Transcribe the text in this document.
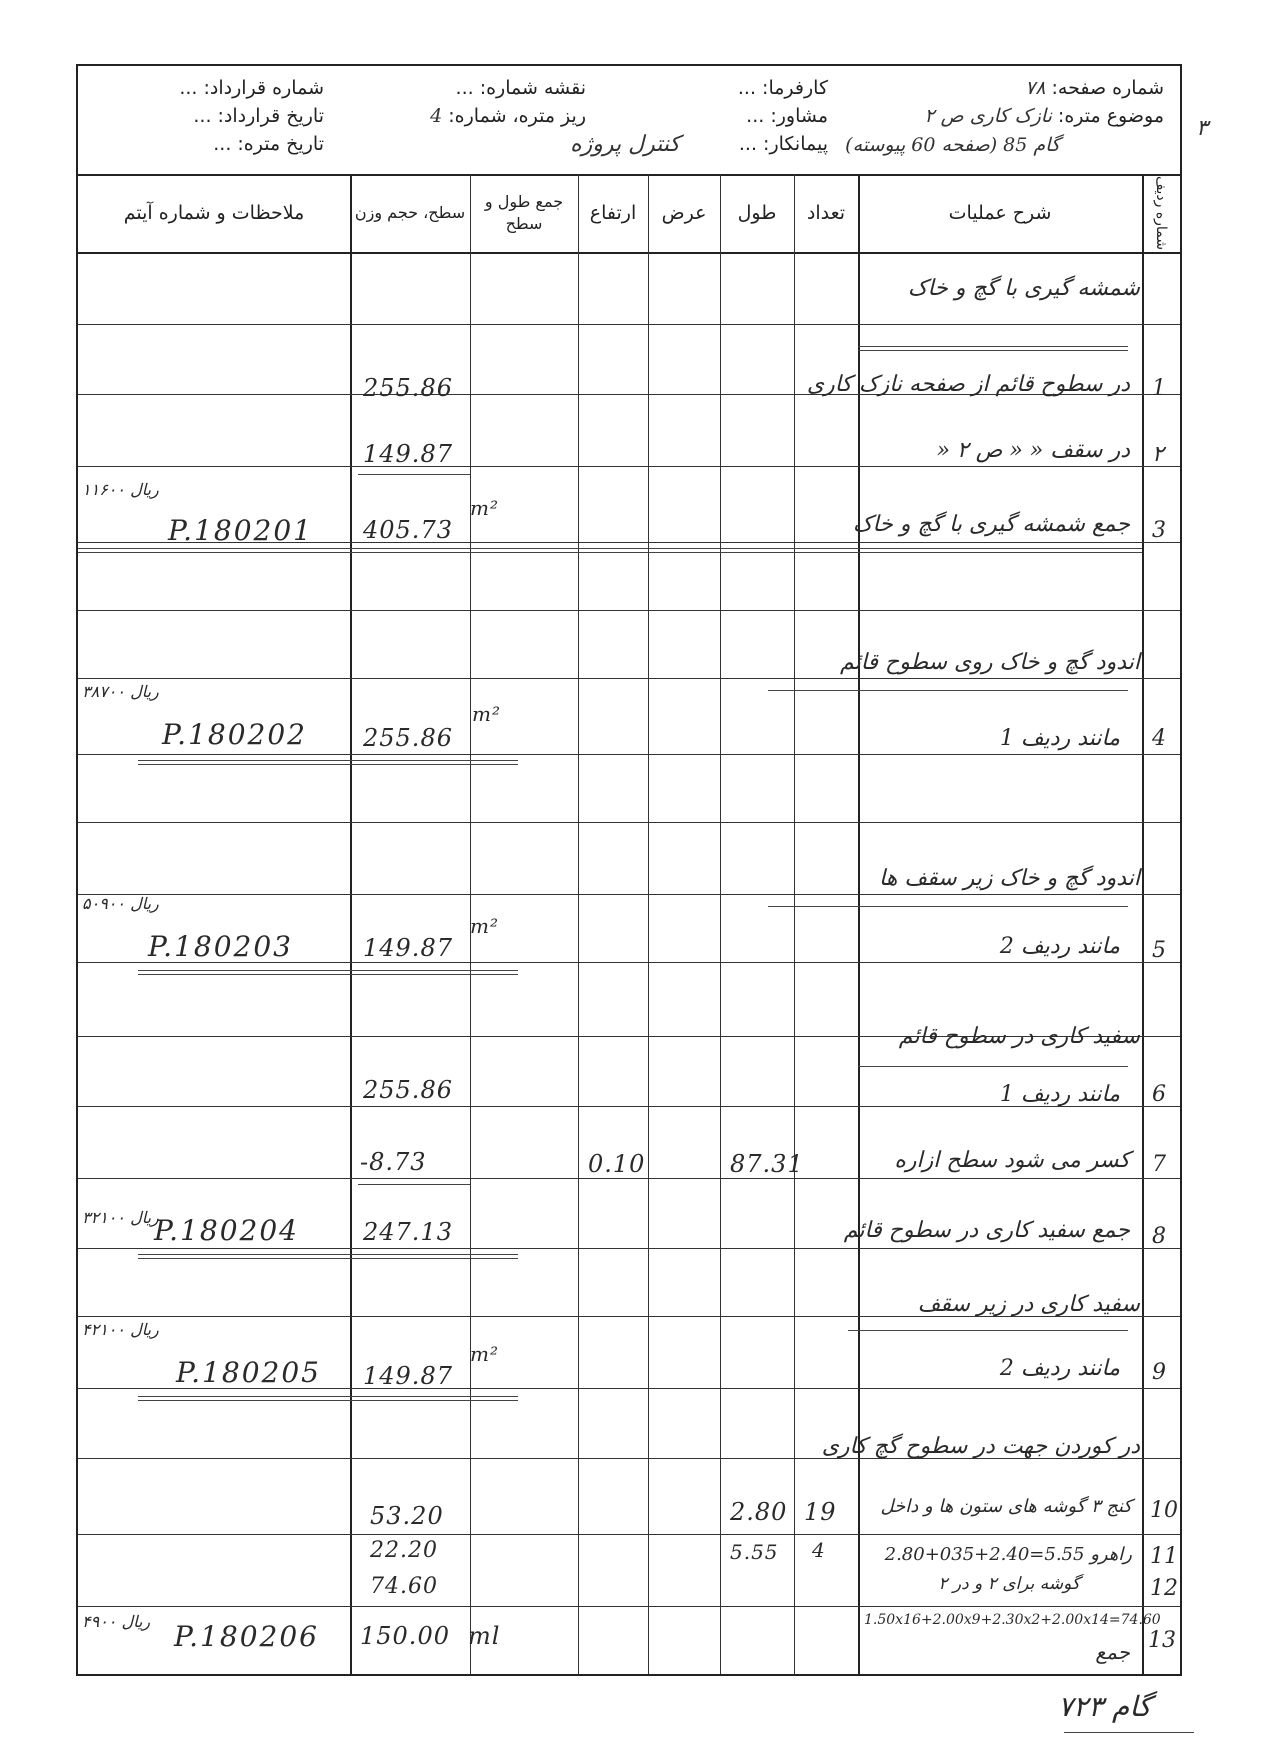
شماره صفحه: ۷۸
موضوع متره: نازک کاری ص ۲
گام 85 (صفحه 60 پیوسته)
۳
کارفرما: ...
مشاور: ...
پیمانکار: ...
کنترل پروژه
نقشه شماره: ...
ریز متره، شماره: 4
شماره قرارداد: ...
تاریخ قرارداد: ...
تاریخ متره: ...
شماره ردیف
شرح عملیات
تعداد
طول
عرض
ارتفاع
جمع طول و سطح
سطح، حجم وزن
ملاحظات و شماره آیتم
شمشه گیری با گچ و خاک
1
در سطوح قائم از صفحه نازک کاری
255.86
۲
در سقف « « ص ۲ «
149.87
3
جمع شمشه گیری با گچ و خاک
405.73
m²
P.180201
۱۱۶۰۰ ریال
اندود گچ و خاک روی سطوح قائم
4
مانند ردیف 1
255.86
m²
P.180202
۳۸۷۰۰ ریال
اندود گچ و خاک زیر سقف ها
5
مانند ردیف 2
149.87
m²
P.180203
۵۰۹۰۰ ریال
سفید کاری در سطوح قائم
6
مانند ردیف 1
255.86
7
کسر می شود سطح ازاره
87.31
0.10
-8.73
8
جمع سفید کاری در سطوح قائم
247.13
P.180204
۳۲۱۰۰ ریال
سفید کاری در زیر سقف
9
مانند ردیف 2
149.87
m²
P.180205
۴۲۱۰۰ ریال
در کوردن جهت در سطوح گچ کاری
10
کنج ۳ گوشه های ستون ها و داخل
19
2.80
53.20
11
2.80+035+2.40=5.55 راهرو
4
5.55
22.20
12
گوشه برای ۲ و در ۲
74.60
13
1.50x16+2.00x9+2.30x2+2.00x14=74.60
جمع
150.00 ml
P.180206
۴۹۰۰ ریال
گام ۷۲۳
